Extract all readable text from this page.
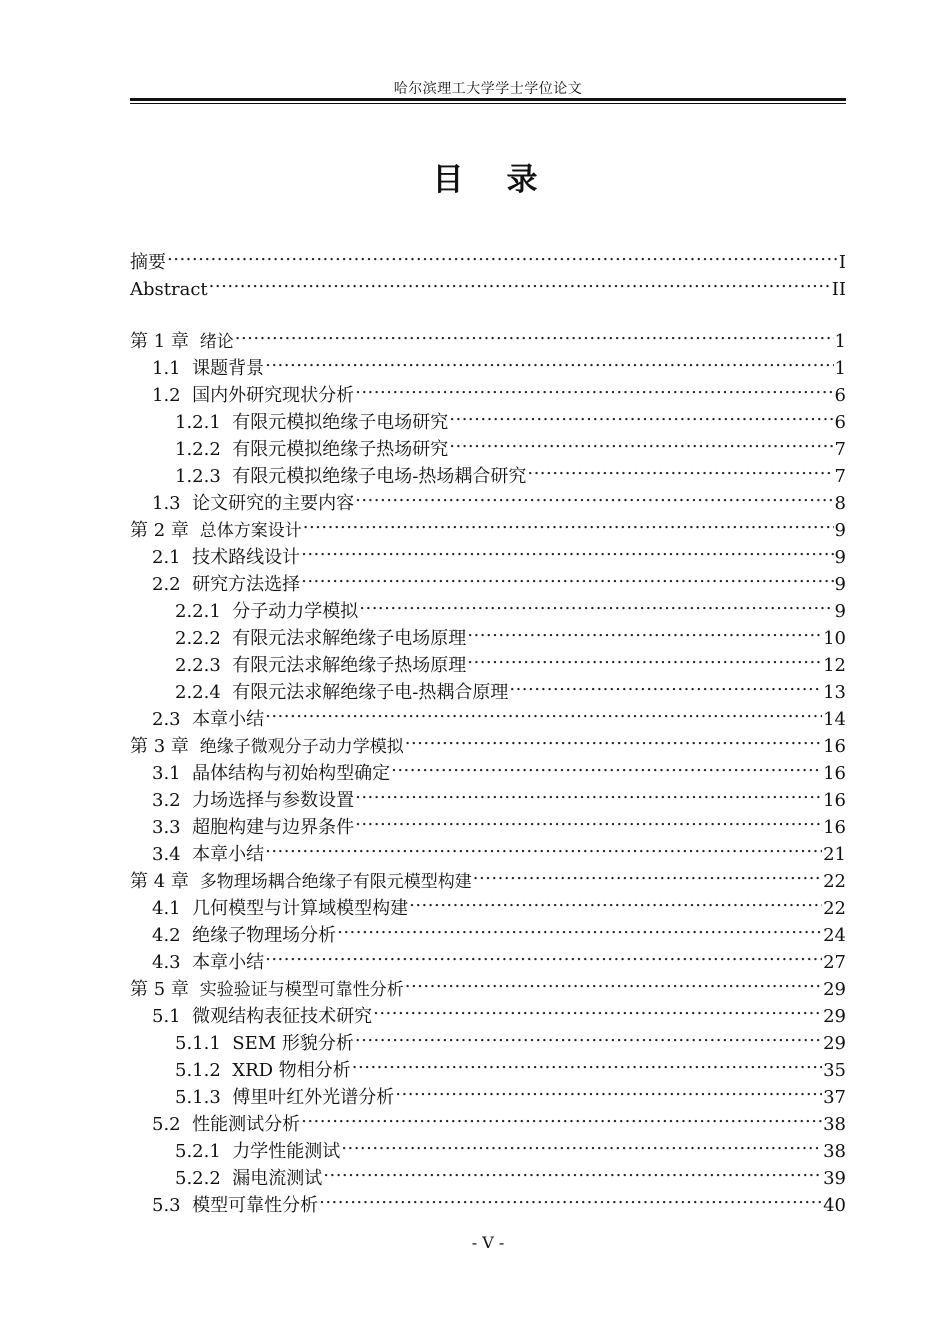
哈尔滨理工大学学士学位论文
目　录
摘要 .....	I
Abstract .....	II
第 1 章 绪论 .....	1
1.1 课题背景 .....	1
1.2 国内外研究现状分析 .....	6
1.2.1 有限元模拟绝缘子电场研究 .....	6
1.2.2 有限元模拟绝缘子热场研究 .....	7
1.2.3 有限元模拟绝缘子电场-热场耦合研究 .....	7
1.3 论文研究的主要内容 .....	8
第 2 章 总体方案设计 .....	9
2.1 技术路线设计 .....	9
2.2 研究方法选择 .....	9
2.2.1 分子动力学模拟 .....	9
2.2.2 有限元法求解绝缘子电场原理 .....	10
2.2.3 有限元法求解绝缘子热场原理 .....	12
2.2.4 有限元法求解绝缘子电-热耦合原理 .....	13
2.3 本章小结 .....	14
第 3 章 绝缘子微观分子动力学模拟 .....	16
3.1 晶体结构与初始构型确定 .....	16
3.2 力场选择与参数设置 .....	16
3.3 超胞构建与边界条件 .....	16
3.4 本章小结 .....	21
第 4 章 多物理场耦合绝缘子有限元模型构建 .....	22
4.1 几何模型与计算域模型构建 .....	22
4.2 绝缘子物理场分析 .....	24
4.3 本章小结 .....	27
第 5 章 实验验证与模型可靠性分析 .....	29
5.1 微观结构表征技术研究 .....	29
5.1.1 SEM 形貌分析 .....	29
5.1.2 XRD 物相分析 .....	35
5.1.3 傅里叶红外光谱分析 .....	37
5.2 性能测试分析 .....	38
5.2.1 力学性能测试 .....	38
5.2.2 漏电流测试 .....	39
5.3 模型可靠性分析 .....	40
- V -
